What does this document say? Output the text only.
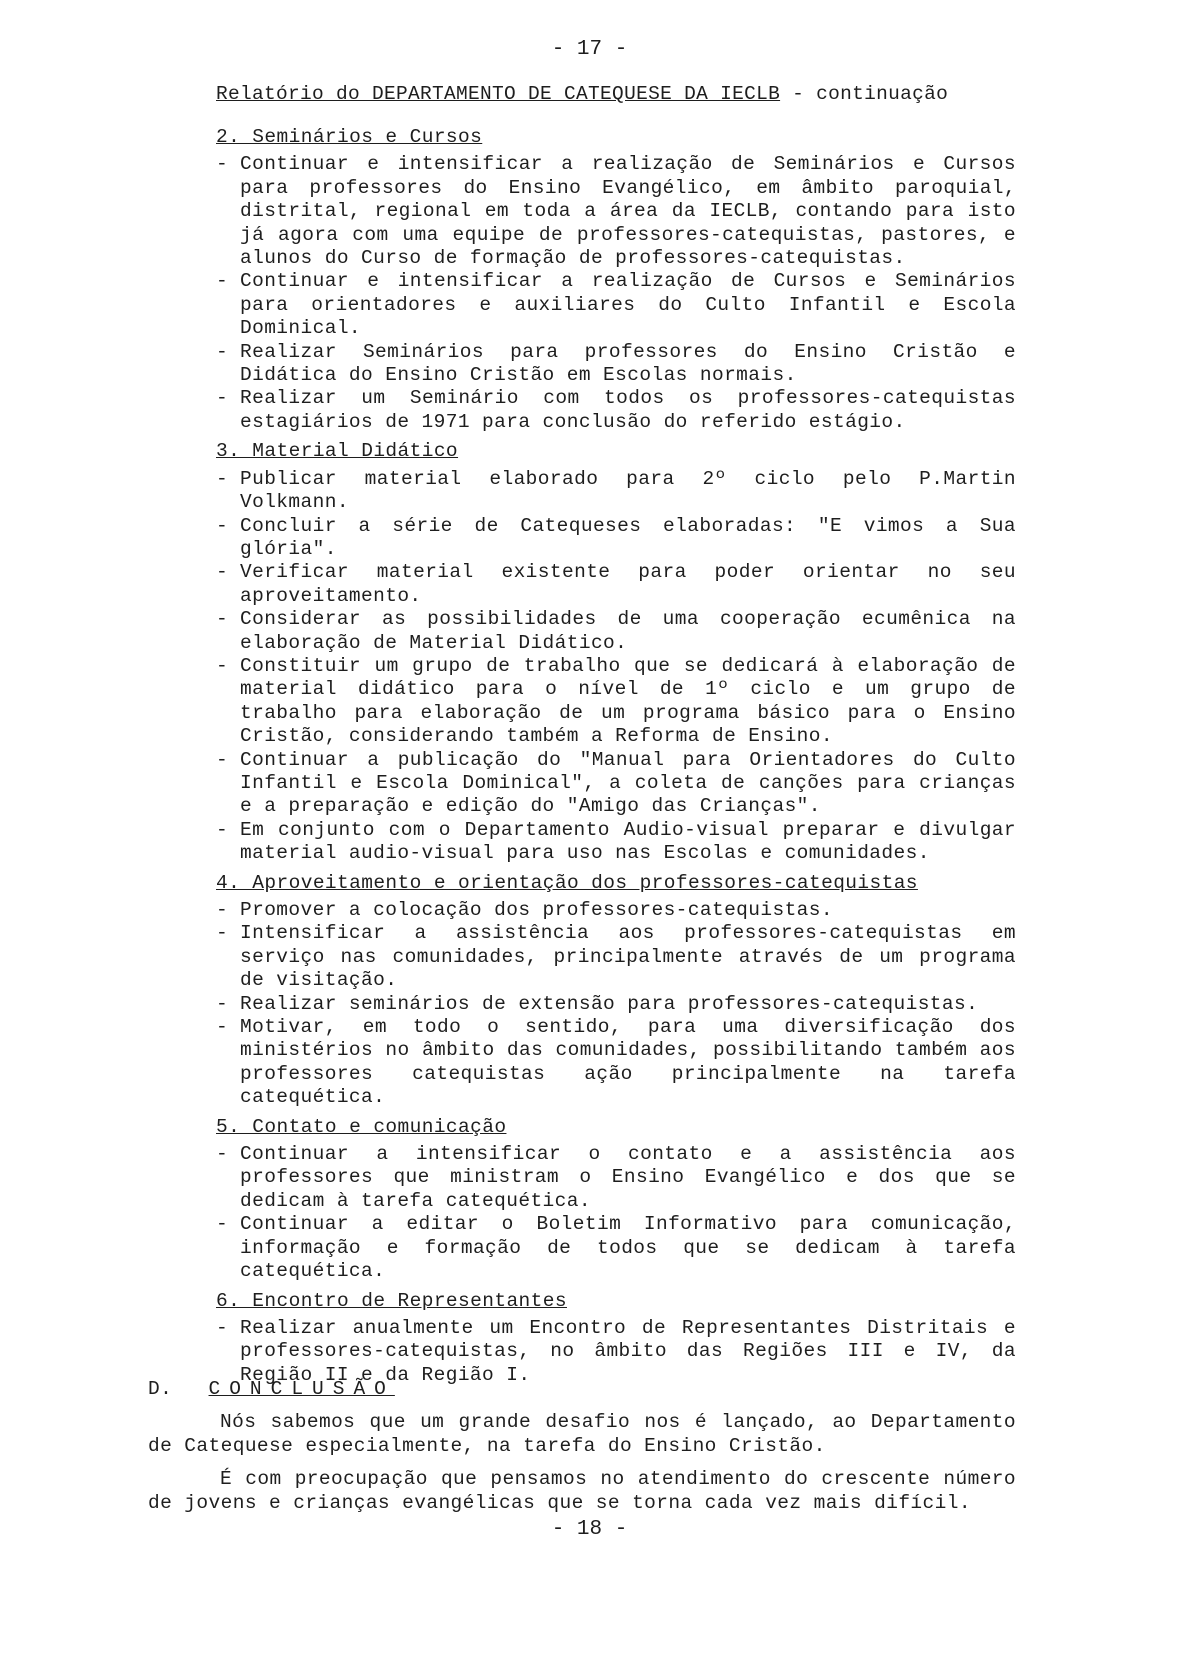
- 17 -
Relatório do DEPARTAMENTO DE CATEQUESE DA IECLB - continuação
2. Seminários e Cursos
- Continuar e intensificar a realização de Seminários e Cursos para professores do Ensino Evangélico, em âmbito paroquial, distrital, regional em toda a área da IECLB, contando para isto já agora com uma equipe de professores-catequistas, pastores, e alunos do Curso de formação de professores-catequistas.
- Continuar e intensificar a realização de Cursos e Seminários para orientadores e auxiliares do Culto Infantil e Escola Dominical.
- Realizar Seminários para professores do Ensino Cristão e Didática do Ensino Cristão em Escolas normais.
- Realizar um Seminário com todos os professores-catequistas estagiários de 1971 para conclusão do referido estágio.
3. Material Didático
- Publicar material elaborado para 2º ciclo pelo P.Martin Volkmann.
- Concluir a série de Catequeses elaboradas: "E vimos a Sua glória".
- Verificar material existente para poder orientar no seu aproveitamento.
- Considerar as possibilidades de uma cooperação ecumênica na elaboração de Material Didático.
- Constituir um grupo de trabalho que se dedicará à elaboração de material didático para o nível de 1º ciclo e um grupo de trabalho para elaboração de um programa básico para o Ensino Cristão, considerando também a Reforma de Ensino.
- Continuar a publicação do "Manual para Orientadores do Culto Infantil e Escola Dominical", a coleta de canções para crianças e a preparação e edição do "Amigo das Crianças".
- Em conjunto com o Departamento Audio-visual preparar e divulgar material audio-visual para uso nas Escolas e comunidades.
4. Aproveitamento e orientação dos professores-catequistas
- Promover a colocação dos professores-catequistas.
- Intensificar a assistência aos professores-catequistas em serviço nas comunidades, principalmente através de um programa de visitação.
- Realizar seminários de extensão para professores-catequistas.
- Motivar, em todo o sentido, para uma diversificação dos ministérios no âmbito das comunidades, possibilitando também aos professores catequistas ação principalmente na tarefa catequética.
5. Contato e comunicação
- Continuar a intensificar o contato e a assistência aos professores que ministram o Ensino Evangélico e dos que se dedicam à tarefa catequética.
- Continuar a editar o Boletim Informativo para comunicação, informação e formação de todos que se dedicam à tarefa catequética.
6. Encontro de Representantes
- Realizar anualmente um Encontro de Representantes Distritais e professores-catequistas, no âmbito das Regiões III e IV, da Região II e da Região I.
D. CONCLUSÃO
Nós sabemos que um grande desafio nos é lançado, ao Departamento de Catequese especialmente, na tarefa do Ensino Cristão.
É com preocupação que pensamos no atendimento do crescente número de jovens e crianças evangélicas que se torna cada vez mais difícil.
- 18 -
